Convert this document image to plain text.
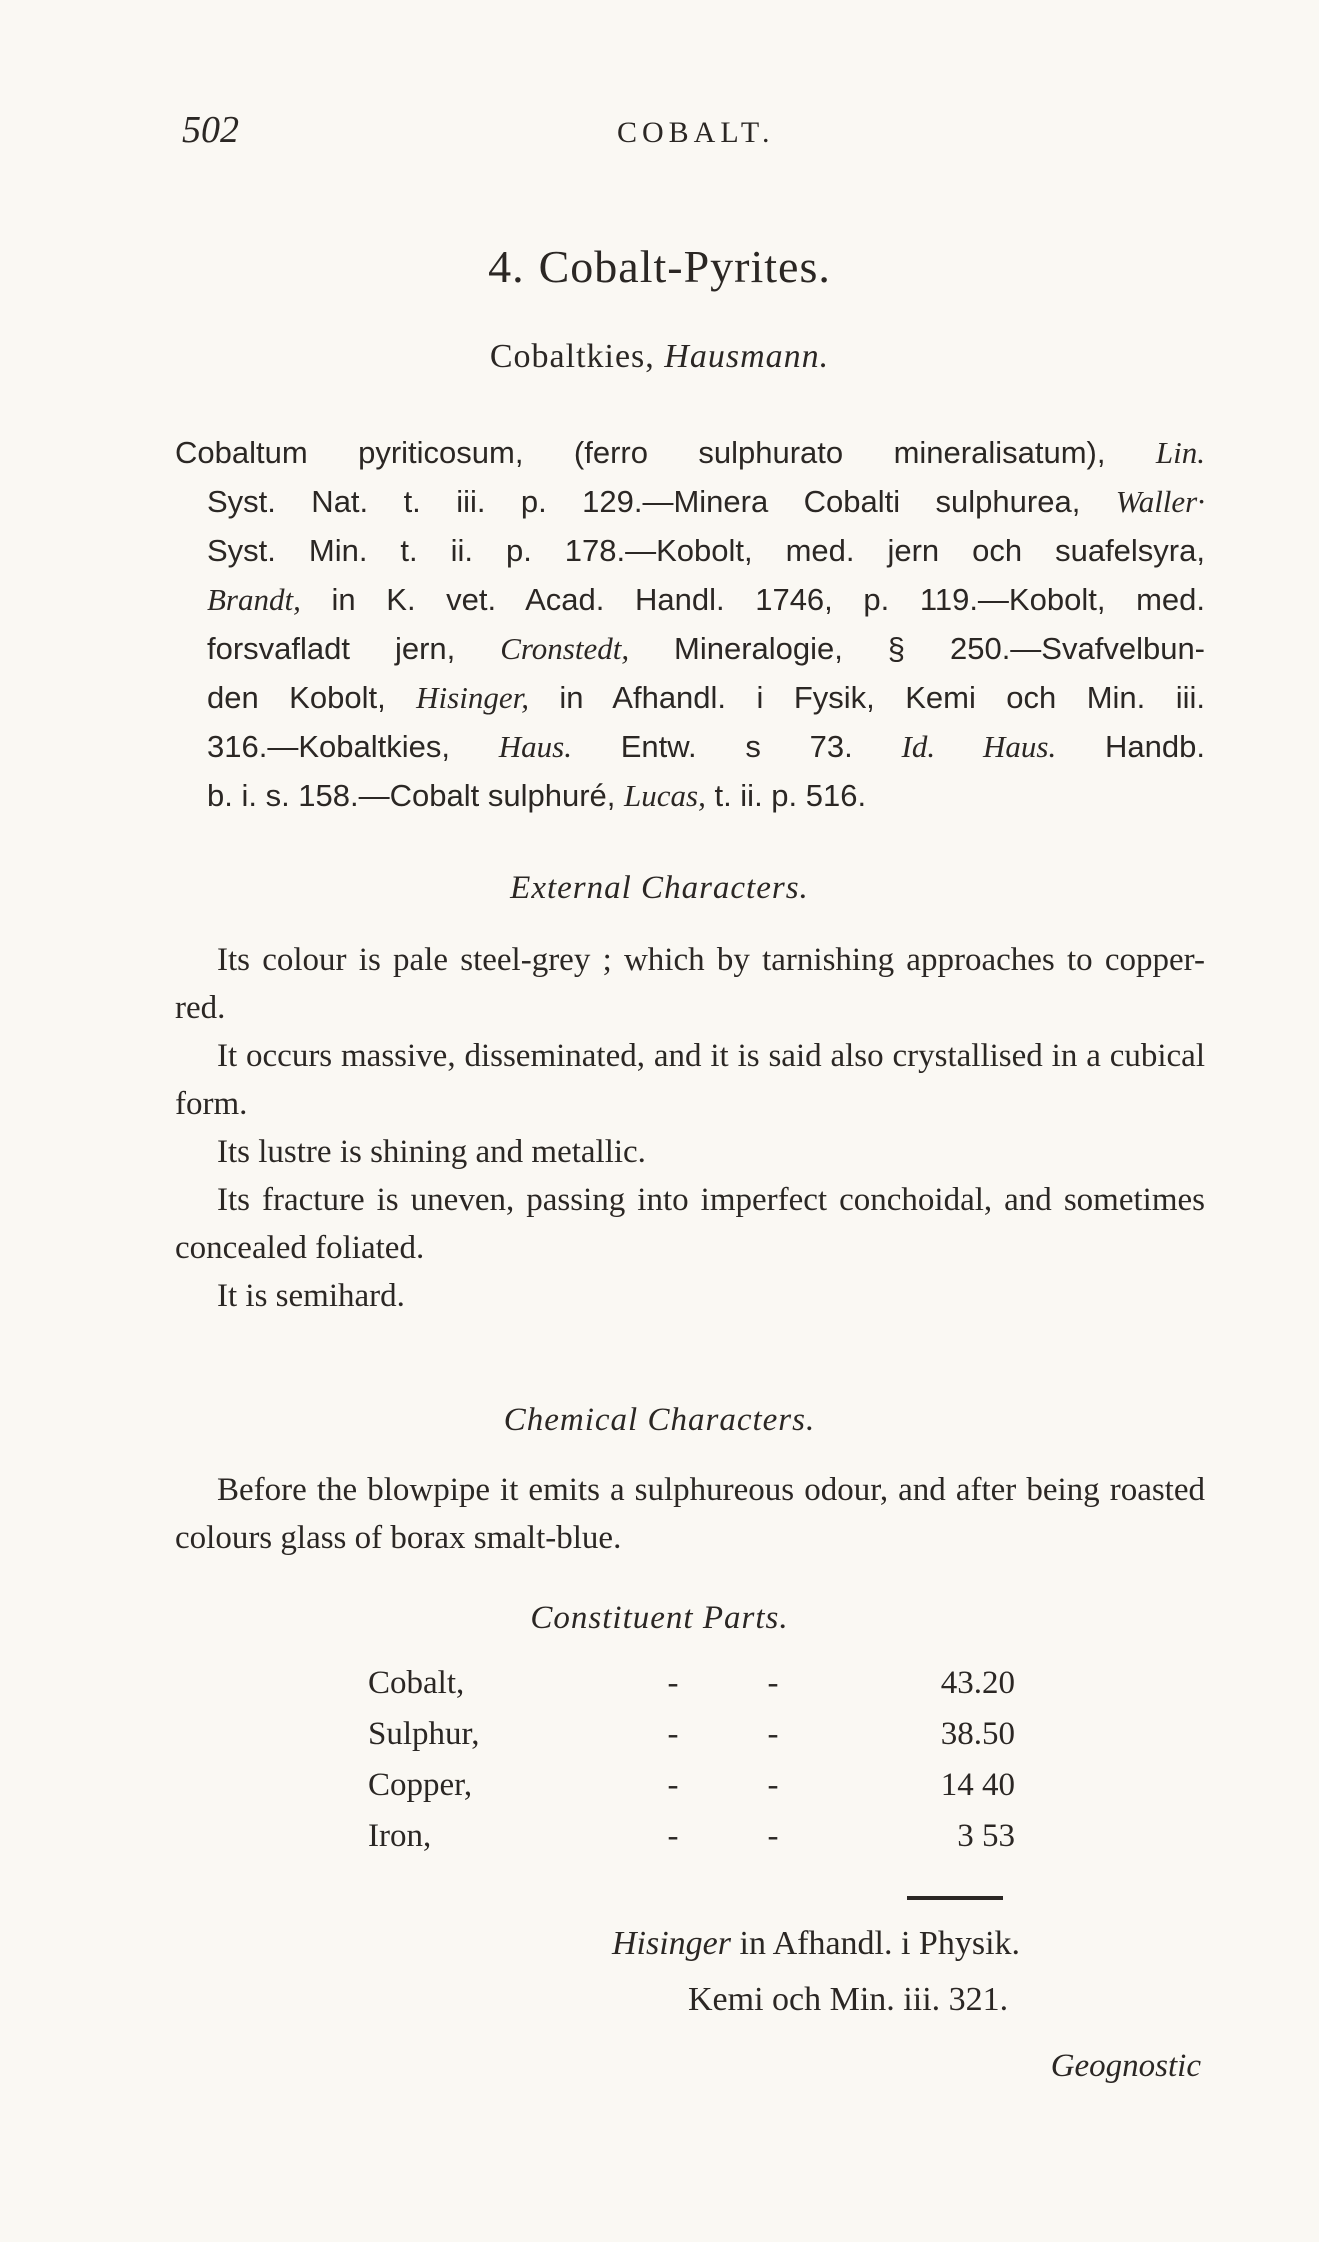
502	COBALT.
4. Cobalt-Pyrites.
Cobaltkies, Hausmann.
Cobaltum pyriticosum, (ferro sulphurato mineralisatum), Lin.
Syst. Nat. t. iii. p. 129.—Minera Cobalti sulphurea, Waller·
Syst. Min. t. ii. p. 178.—Kobolt, med. jern och suafelsyra,
Brandt, in K. vet. Acad. Handl. 1746, p. 119.—Kobolt, med.
forsvafladt jern, Cronstedt, Mineralogie, § 250.—Svafvelbun-
den Kobolt, Hisinger, in Afhandl. i Fysik, Kemi och Min. iii.
316.—Kobaltkies, Haus. Entw. s 73. Id. Haus. Handb.
b. i. s. 158.—Cobalt sulphuré, Lucas, t. ii. p. 516.
External Characters.

Its colour is pale steel-grey ; which by tarnishing approaches to copper-red.

It occurs massive, disseminated, and it is said also crystallised in a cubical form.

Its lustre is shining and metallic.

Its fracture is uneven, passing into imperfect conchoidal, and sometimes concealed foliated.

It is semihard.

Chemical Characters.

Before the blowpipe it emits a sulphureous odour, and after being roasted colours glass of borax smalt-blue.

Constituent Parts.
Cobalt,	-	-	43.20
Sulphur,	-	-	38.50
Copper,	-	-	14 40
Iron,	-	-	3 53
Hisinger in Afhandl. i Physik.
Kemi och Min. iii. 321.
Geognostic
